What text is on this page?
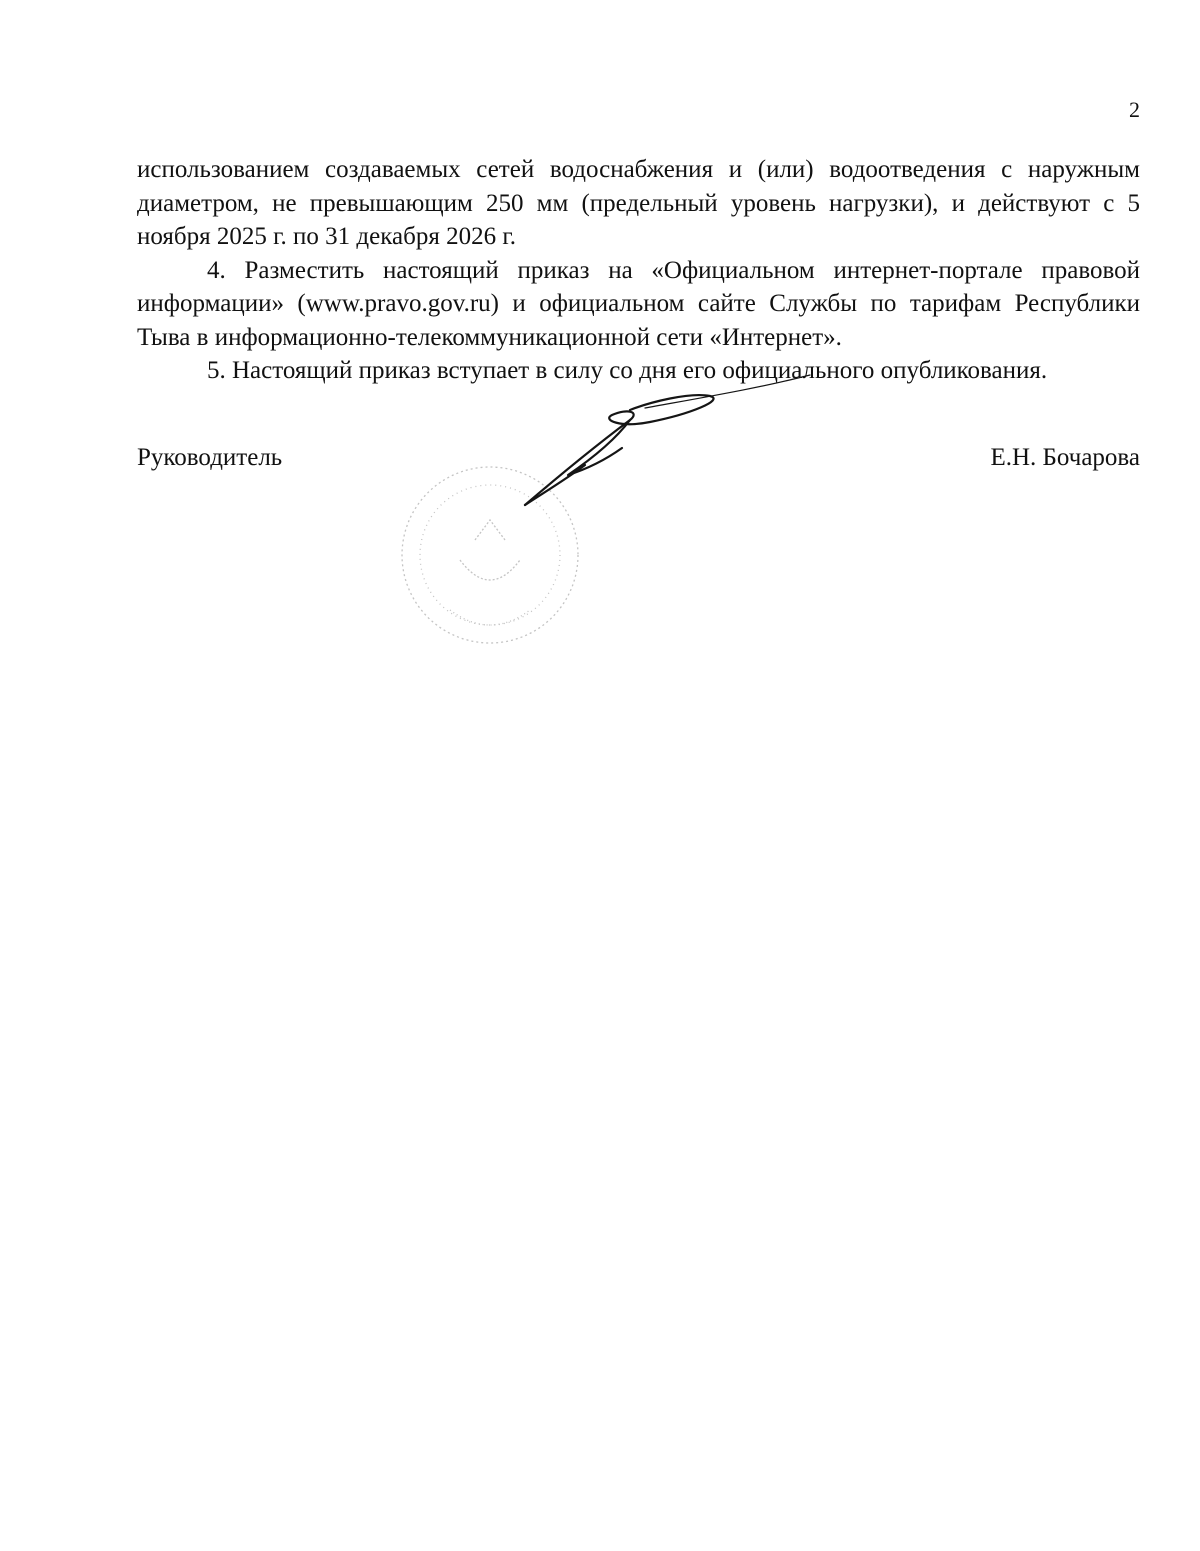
2

использованием создаваемых сетей водоснабжения и (или) водоотведения с наружным диаметром, не превышающим 250 мм (предельный уровень нагрузки), и действуют с 5 ноября 2025 г. по 31 декабря 2026 г.

4. Разместить настоящий приказ на «Официальном интернет-портале правовой информации» (www.pravo.gov.ru) и официальном сайте Службы по тарифам Республики Тыва в информационно-телекоммуникационной сети «Интернет».

5. Настоящий приказ вступает в силу со дня его официального опубликования.

Руководитель	Е.Н. Бочарова
